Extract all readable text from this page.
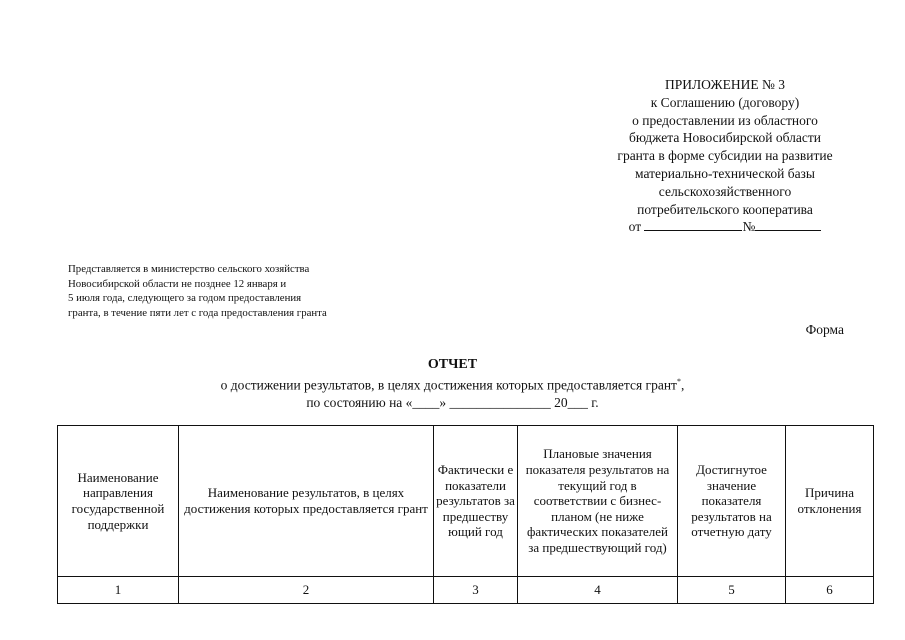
ПРИЛОЖЕНИЕ № 3
к Соглашению (договору)
о предоставлении из областного
бюджета Новосибирской области
гранта в форме субсидии на развитие
материально-технической базы
сельскохозяйственного
потребительского кооператива
от	№
Представляется в министерство сельского хозяйства
Новосибирской области не позднее 12 января и
5 июля года, следующего за годом предоставления
гранта, в течение пяти лет с года предоставления гранта
Форма
ОТЧЕТ
о достижении результатов, в целях достижения которых предоставляется грант*,
по состоянию на «____» _______________ 20___ г.
Наименование направления государственной поддержки	Наименование результатов, в целях достижения которых предоставляется грант	Фактически е показатели результатов за предшеству ющий год	Плановые значения показателя результатов на текущий год в соответствии с бизнес-планом (не ниже фактических показателей за предшествующий год)	Достигнутое значение показателя результатов на отчетную дату	Причина отклонения
1	2	3	4	5	6
